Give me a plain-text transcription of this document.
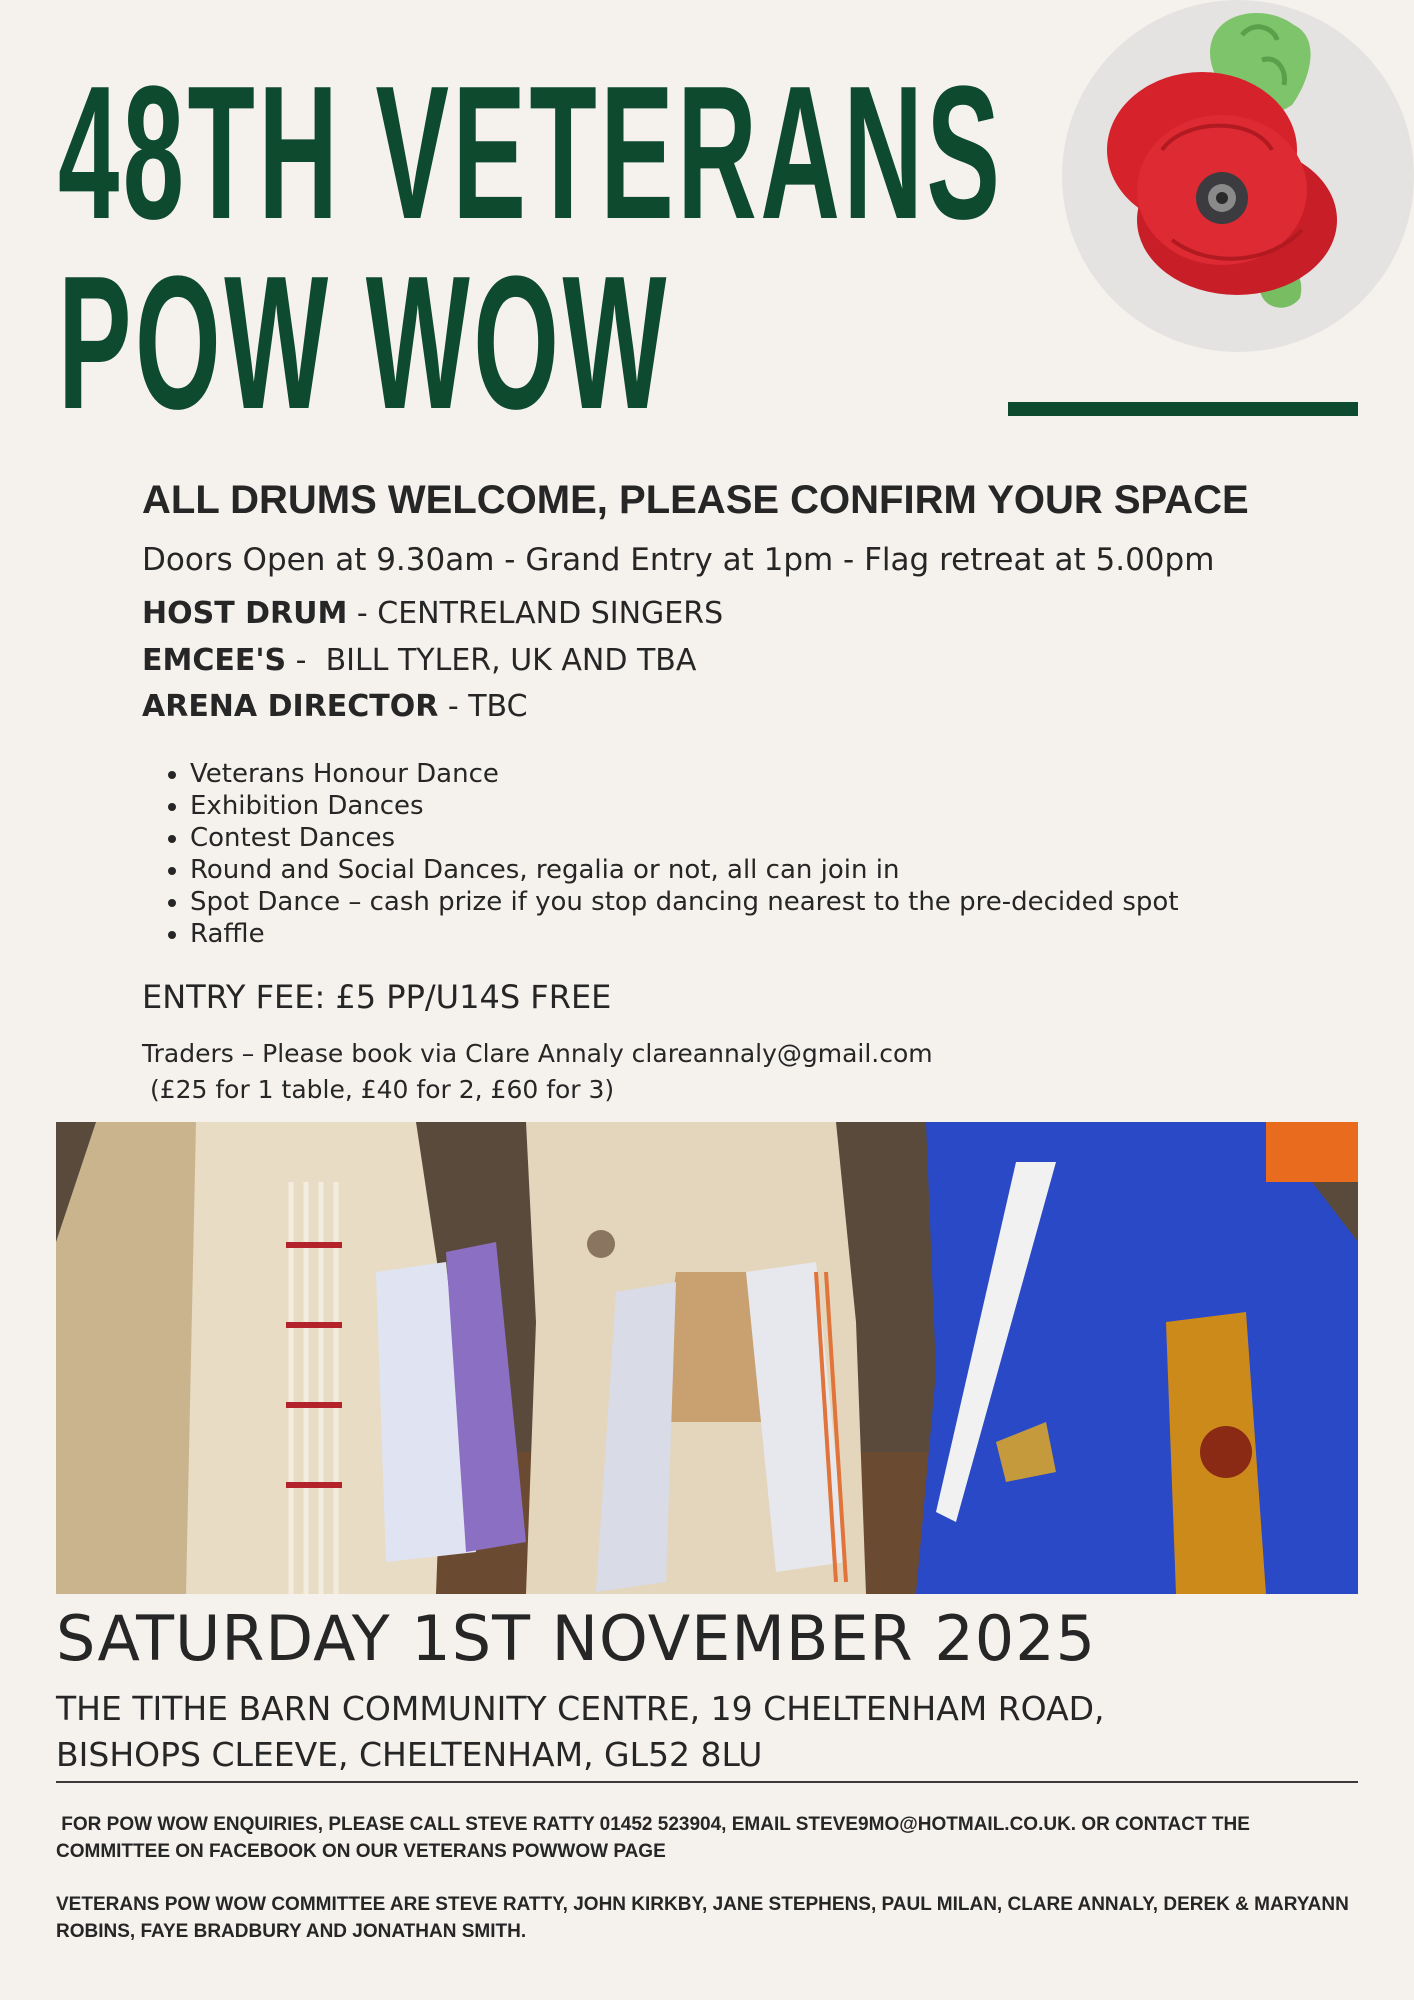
48TH VETERANS
POW WOW
ALL DRUMS WELCOME, PLEASE CONFIRM YOUR SPACE
Doors Open at 9.30am - Grand Entry at 1pm - Flag retreat at 5.00pm
HOST DRUM - CENTRELAND SINGERS
EMCEE'S -  BILL TYLER, UK AND TBA
ARENA DIRECTOR - TBC
• Veterans Honour Dance
• Exhibition Dances
• Contest Dances
• Round and Social Dances, regalia or not, all can join in
• Spot Dance – cash prize if you stop dancing nearest to the pre-decided spot
• Raffle
ENTRY FEE: £5 PP/U14S FREE
Traders – Please book via Clare Annaly clareannaly@gmail.com
(£25 for 1 table, £40 for 2, £60 for 3)
SATURDAY 1ST NOVEMBER 2025
THE TITHE BARN COMMUNITY CENTRE, 19 CHELTENHAM ROAD,
BISHOPS CLEEVE, CHELTENHAM, GL52 8LU
FOR POW WOW ENQUIRIES, PLEASE CALL STEVE RATTY 01452 523904, EMAIL STEVE9MO@HOTMAIL.CO.UK. OR CONTACT THE COMMITTEE ON FACEBOOK ON OUR VETERANS POWWOW PAGE
VETERANS POW WOW COMMITTEE ARE STEVE RATTY, JOHN KIRKBY, JANE STEPHENS, PAUL MILAN, CLARE ANNALY, DEREK & MARYANN ROBINS, FAYE BRADBURY AND JONATHAN SMITH.
